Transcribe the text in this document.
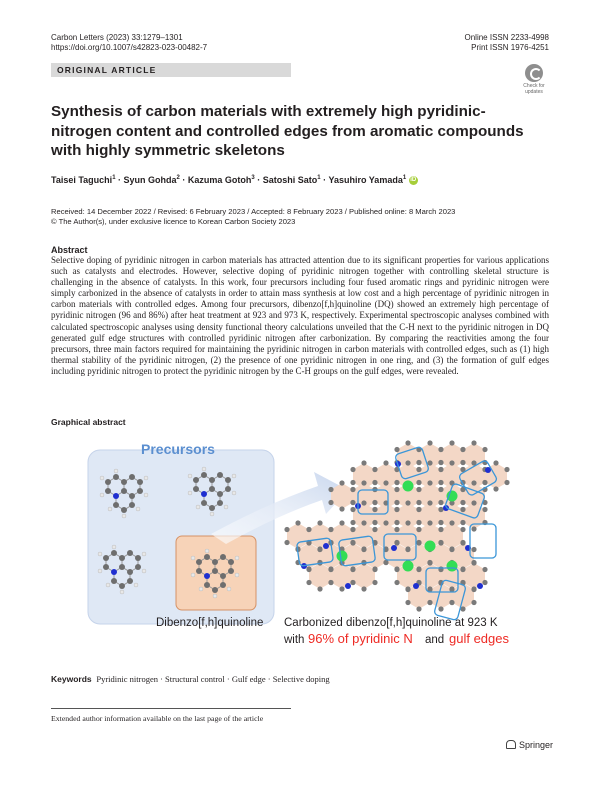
Carbon Letters (2023) 33:1279–1301
https://doi.org/10.1007/s42823-023-00482-7
Online ISSN 2233-4998
Print ISSN 1976-4251
ORIGINAL ARTICLE
Check for
updates
Synthesis of carbon materials with extremely high pyridinic-nitrogen content and controlled edges from aromatic compounds with highly symmetric skeletons
Taisei Taguchi$^1$ · Syun Gohda$^2$ · Kazuma Gotoh$^3$ · Satoshi Sato$^1$ · Yasuhiro Yamada$^1$ iD
Received: 14 December 2022 / Revised: 6 February 2023 / Accepted: 8 February 2023 / Published online: 8 March 2023
© The Author(s), under exclusive licence to Korean Carbon Society 2023
Abstract
Selective doping of pyridinic nitrogen in carbon materials has attracted attention due to its significant properties for various applications such as catalysts and electrodes. However, selective doping of pyridinic nitrogen together with controlling skeletal structure is challenging in the absence of catalysts. In this work, four precursors including four fused aromatic rings and pyridinic nitrogen were simply carbonized in the absence of catalysts in order to attain mass synthesis at low cost and a high percentage of pyridinic nitrogen in carbon materials with controlled edges. Among four precursors, dibenzo[f,h]quinoline (DQ) showed an extremely high percentage of pyridinic nitrogen (96 and 86%) after heat treatment at 923 and 973 K, respectively. Experimental spectroscopic analyses combined with calculated spectroscopic analyses using density functional theory calculations unveiled that the C-H next to the pyridinic nitrogen in DQ generated gulf edge structures with controlled pyridinic nitrogen after carbonization. By comparing the reactivities among the four precursors, three main factors required for maintaining the pyridinic nitrogen in carbon materials with controlled edges, such as (1) high thermal stability of the pyridinic nitrogen, (2) the presence of one pyridinic nitrogen in one ring, and (3) the formation of gulf edges including pyridinic nitrogen to protect the pyridinic nitrogen by the C-H groups on the gulf edges, were revealed.
Graphical abstract
Precursors
Dibenzo[f,h]quinoline Carbonized dibenzo[f,h]quinoline at 923 K
with 96% of pyridinic N and gulf edges
Keywords Pyridinic nitrogen · Structural control · Gulf edge · Selective doping
Extended author information available on the last page of the article
Springer
